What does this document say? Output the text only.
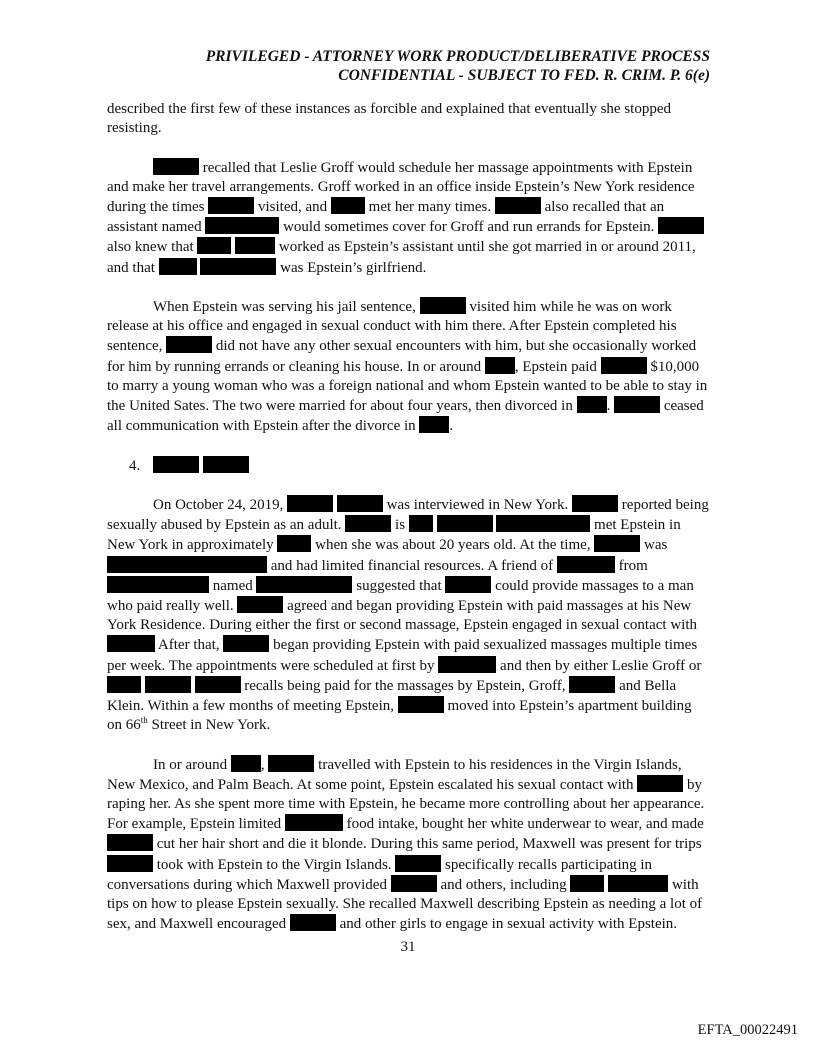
PRIVILEGED - ATTORNEY WORK PRODUCT/DELIBERATIVE PROCESS
CONFIDENTIAL - SUBJECT TO FED. R. CRIM. P. 6(e)

described the first few of these instances as forcible and explained that eventually she stopped resisting.

recalled that Leslie Groff would schedule her massage appointments with Epstein and make her travel arrangements. Groff worked in an office inside Epstein’s New York residence during the times	visited, and  met her many times.	also recalled that an assistant named	would sometimes cover for Groff and run errands for Epstein.  also knew that	worked as Epstein’s assistant until she got married in or around 2011, and that	was Epstein’s girlfriend.

When Epstein was serving his jail sentence,	visited him while he was on work release at his office and engaged in sexual conduct with him there. After Epstein completed his sentence,	did not have any other sexual encounters with him, but she occasionally worked for him by running errands or cleaning his house. In or around , Epstein paid	$10,000 to marry a young woman who was a foreign national and whom Epstein wanted to be able to stay in the United Sates. The two were married for about four years, then divorced in .	ceased all communication with Epstein after the divorce in .

4.

On October 24, 2019,	was interviewed in New York.	reported being sexually abused by Epstein as an adult.	is	met Epstein in New York in approximately  when she was about 20 years old. At the time,	was  and had limited financial resources. A friend of	from  named	suggested that	could provide massages to a man who paid really well.	agreed and began providing Epstein with paid massages at his New York Residence. During either the first or second massage, Epstein engaged in sexual contact with  After that,	began providing Epstein with paid sexualized massages multiple times per week. The appointments were scheduled at first by	and then by either Leslie Groff or    recalls being paid for the massages by Epstein, Groff,	and Bella Klein. Within a few months of meeting Epstein,	moved into Epstein’s apartment building on 66th Street in New York.

In or around ,	travelled with Epstein to his residences in the Virgin Islands, New Mexico, and Palm Beach. At some point, Epstein escalated his sexual contact with	by raping her. As she spent more time with Epstein, he became more controlling about her appearance. For example, Epstein limited	food intake, bought her white underwear to wear, and made  cut her hair short and die it blonde. During this same period, Maxwell was present for trips  took with Epstein to the Virgin Islands.	specifically recalls participating in conversations during which Maxwell provided	and others, including	with tips on how to please Epstein sexually. She recalled Maxwell describing Epstein as needing a lot of sex, and Maxwell encouraged	and other girls to engage in sexual activity with Epstein.

31
EFTA_00022491
